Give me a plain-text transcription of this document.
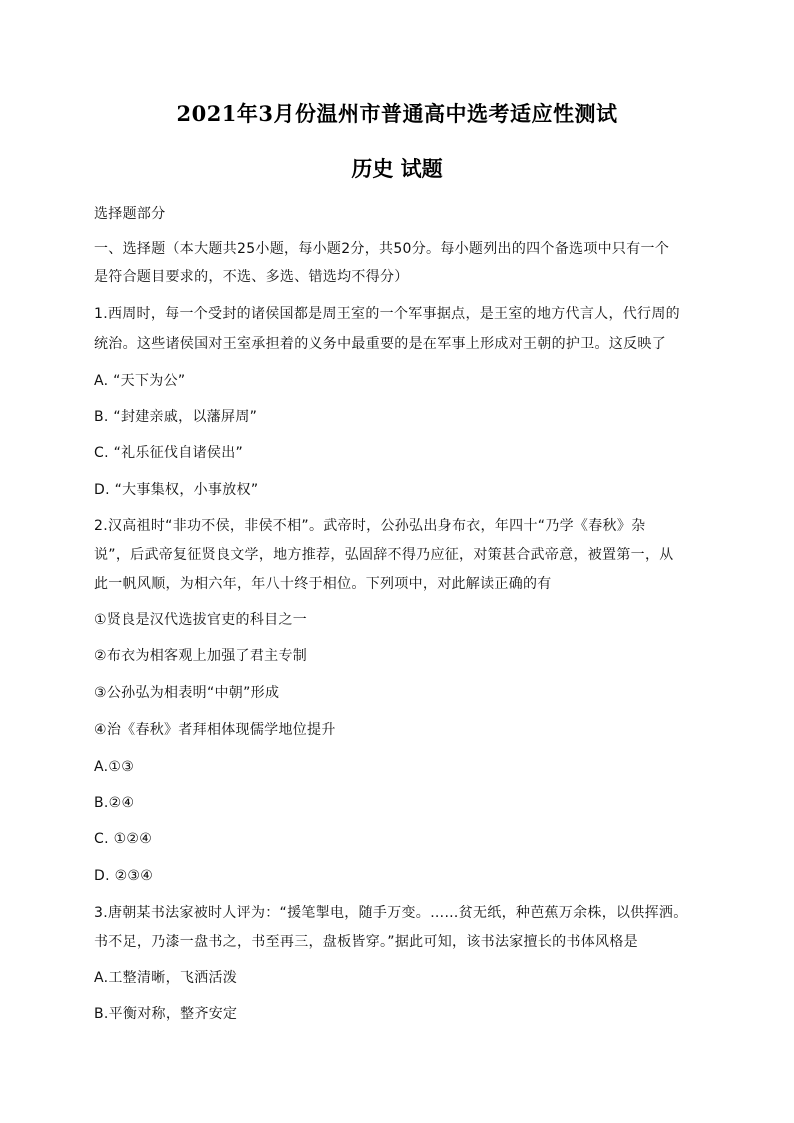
2021年3月份温州市普通高中选考适应性测试
历史 试题
选择题部分
一、选择题（本大题共25小题，每小题2分，共50分。每小题列出的四个备选项中只有一个
是符合题目要求的，不选、多选、错选均不得分）
1.西周时，每一个受封的诸侯国都是周王室的一个军事据点，是王室的地方代言人，代行周的
统治。这些诸侯国对王室承担着的义务中最重要的是在军事上形成对王朝的护卫。这反映了
A. “天下为公”
B. “封建亲戚，以藩屏周”
C. “礼乐征伐自诸侯出”
D. “大事集权，小事放权”
2.汉高祖时“非功不侯，非侯不相”。武帝时，公孙弘出身布衣，年四十“乃学《春秋》杂
说”，后武帝复征贤良文学，地方推荐，弘固辞不得乃应征，对策甚合武帝意，被置第一，从
此一帆风顺，为相六年，年八十终于相位。下列项中，对此解读正确的有
①贤良是汉代选拔官吏的科目之一
②布衣为相客观上加强了君主专制
③公孙弘为相表明“中朝”形成
④治《春秋》者拜相体现儒学地位提升
A.①③
B.②④
C. ①②④
D. ②③④
3.唐朝某书法家被时人评为：“援笔掣电，随手万变。……贫无纸，种芭蕉万余株，以供挥洒。
书不足，乃漆一盘书之，书至再三，盘板皆穿。”据此可知，该书法家擅长的书体风格是
A.工整清晰，飞洒活泼
B.平衡对称，整齐安定
